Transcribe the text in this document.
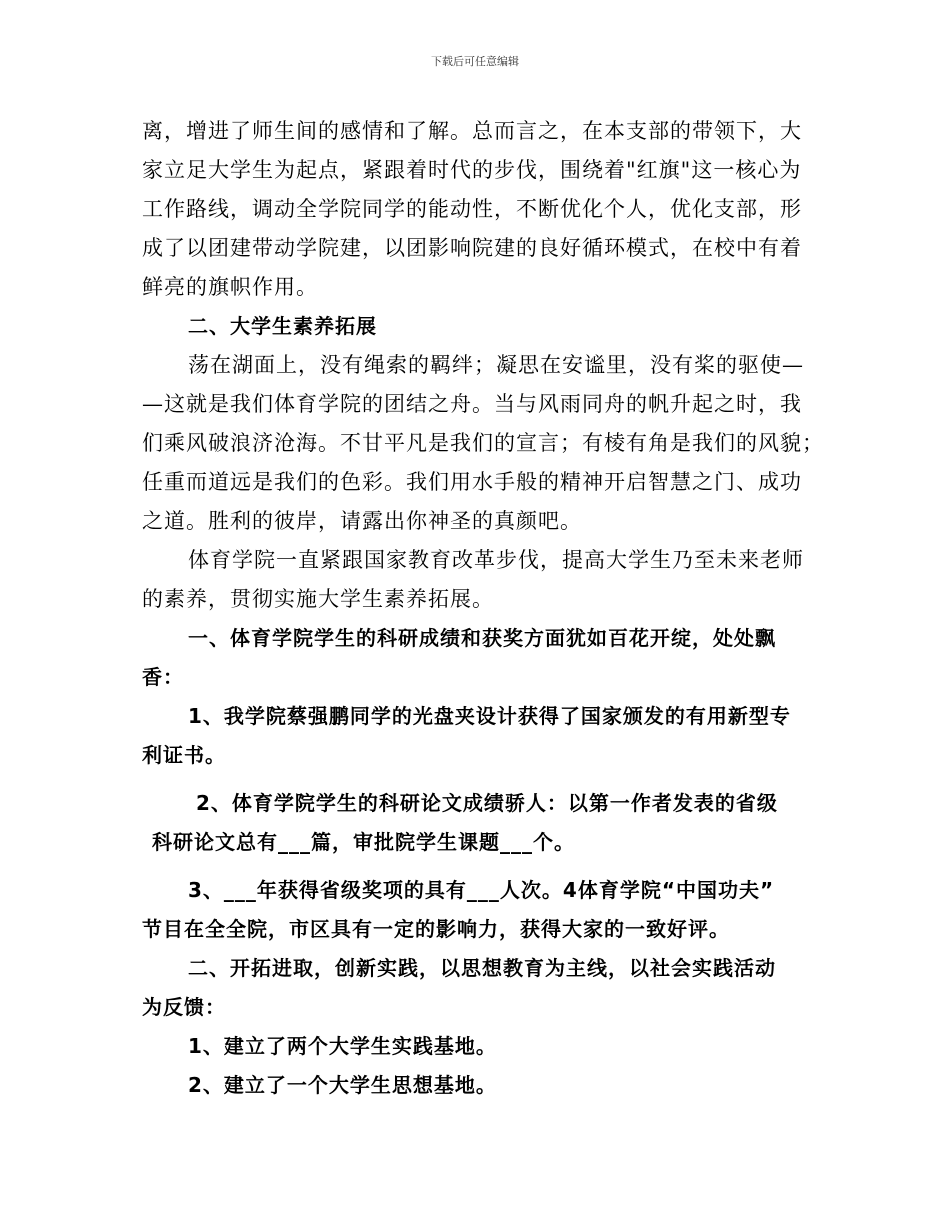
下载后可任意编辑
离，增进了师生间的感情和了解。总而言之，在本支部的带领下，大
家立足大学生为起点，紧跟着时代的步伐，围绕着"红旗"这一核心为
工作路线，调动全学院同学的能动性，不断优化个人，优化支部，形
成了以团建带动学院建，以团影响院建的良好循环模式，在校中有着
鲜亮的旗帜作用。
二、大学生素养拓展
荡在湖面上，没有绳索的羁绊；凝思在安谧里，没有桨的驱使—
—这就是我们体育学院的团结之舟。当与风雨同舟的帆升起之时，我
们乘风破浪济沧海。不甘平凡是我们的宣言；有棱有角是我们的风貌；
任重而道远是我们的色彩。我们用水手般的精神开启智慧之门、成功
之道。胜利的彼岸，请露出你神圣的真颜吧。
体育学院一直紧跟国家教育改革步伐，提高大学生乃至未来老师
的素养，贯彻实施大学生素养拓展。
一、体育学院学生的科研成绩和获奖方面犹如百花开绽，处处飘
香：
1、我学院蔡强鹏同学的光盘夹设计获得了国家颁发的有用新型专
利证书。
2、体育学院学生的科研论文成绩骄人：以第一作者发表的省级
科研论文总有___篇，审批院学生课题___个。
3、___年获得省级奖项的具有___人次。4体育学院“中国功夫”
节目在全全院，市区具有一定的影响力，获得大家的一致好评。
二、开拓进取，创新实践，以思想教育为主线，以社会实践活动
为反馈：
1、建立了两个大学生实践基地。
2、建立了一个大学生思想基地。
